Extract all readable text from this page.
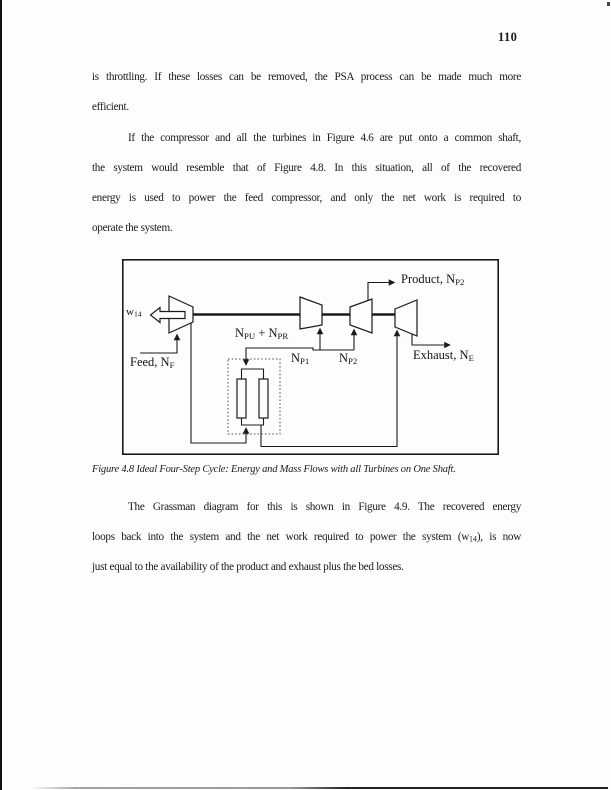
110
is throttling. If these losses can be removed, the PSA process can be made much more
efficient.
If the compressor and all the turbines in Figure 4.6 are put onto a common shaft,
the system would resemble that of Figure 4.8. In this situation, all of the recovered
energy is used to power the feed compressor, and only the net work is required to
operate the system.
The Grassman diagram for this is shown in Figure 4.9. The recovered energy
loops back into the system and the net work required to power the system $(w_{14})$, is now
just equal to the availability of the product and exhaust plus the bed losses.
$w_{14}$
Feed, $N_F$
$N_{PU} + N_{PR}$
$N_{P1}$ $N_{P2}$
Product, $N_{P2}$
Exhaust, $N_E$
Figure 4.8 Ideal Four-Step Cycle: Energy and Mass Flows with all Turbines on One Shaft.
